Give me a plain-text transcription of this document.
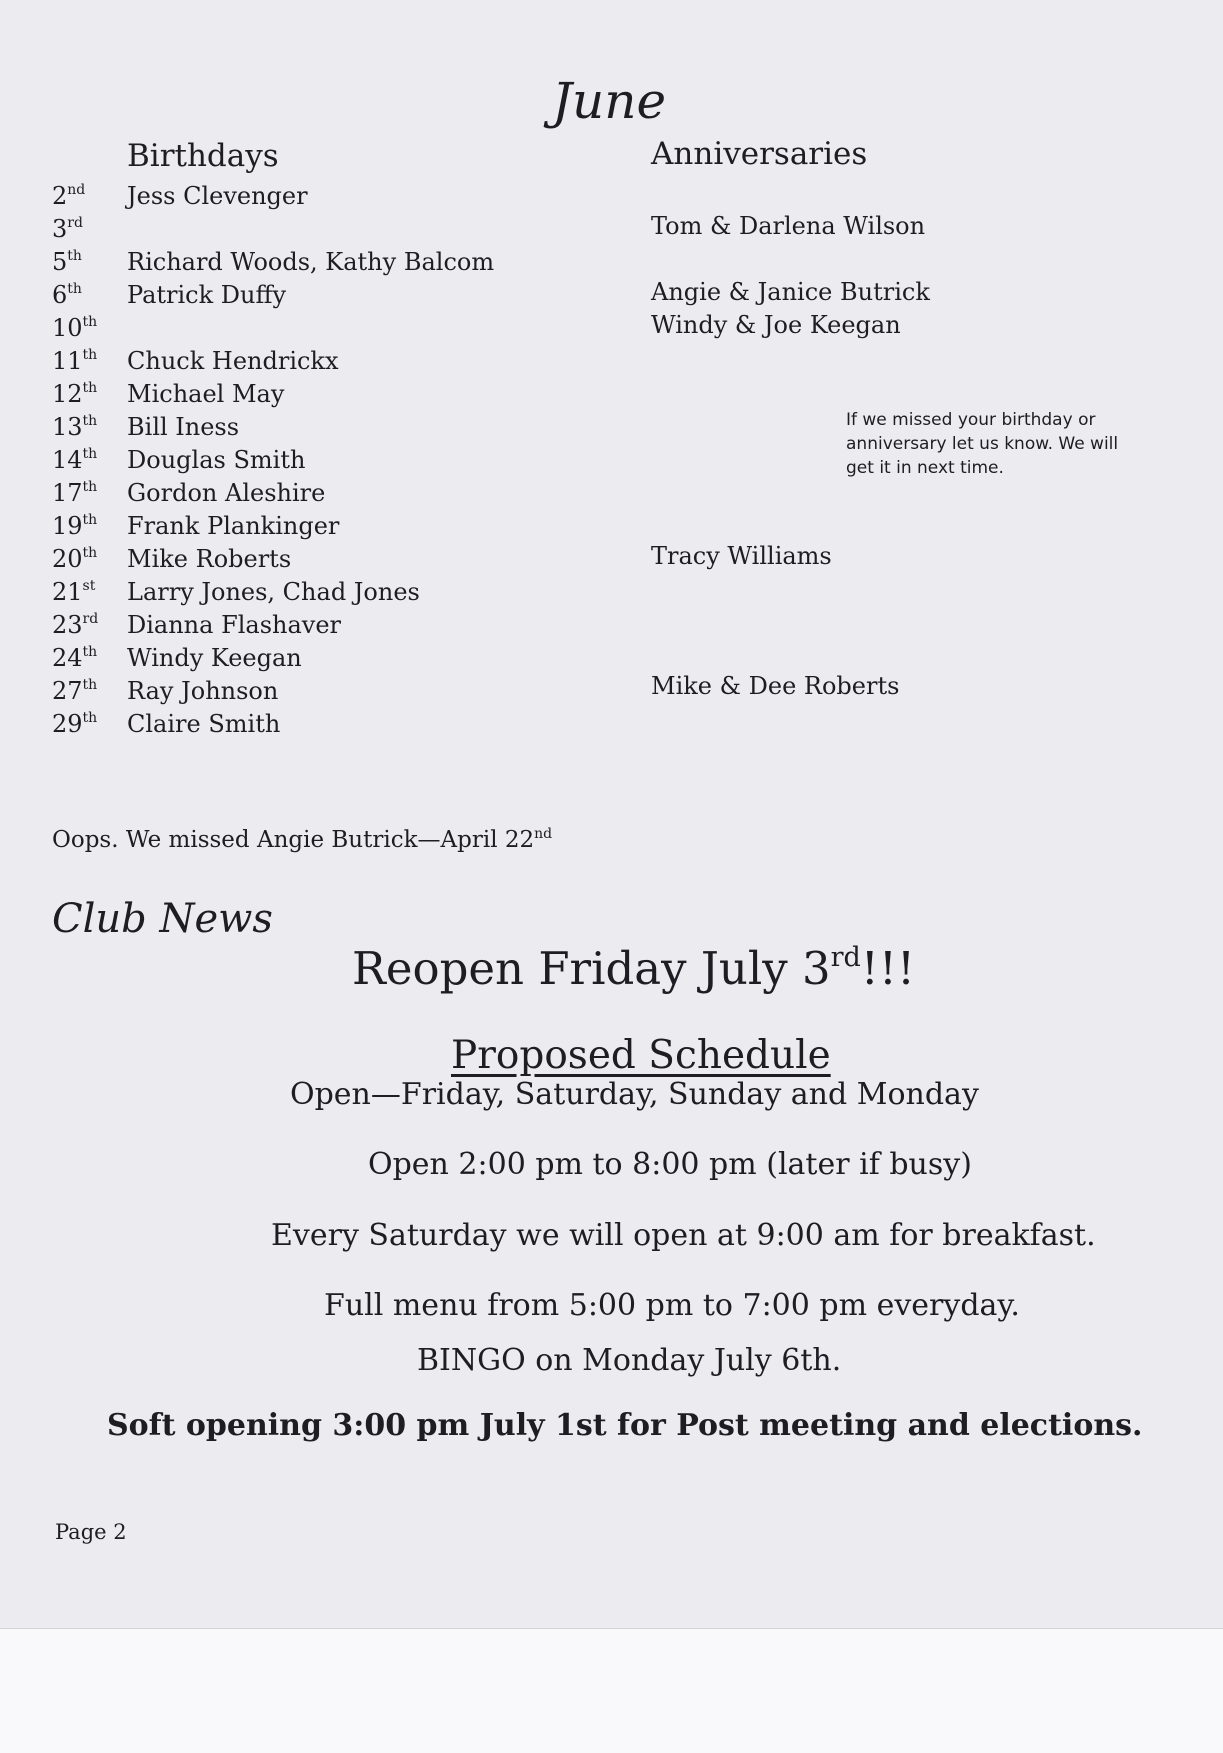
June
Birthdays	Anniversaries
2nd	Jess Clevenger
3rd
5th	Richard Woods, Kathy Balcom
6th	Patrick Duffy
10th
11th	Chuck Hendrickx
12th	Michael May
13th	Bill Iness
14th	Douglas Smith
17th	Gordon Aleshire
19th	Frank Plankinger
20th	Mike Roberts
21st	Larry Jones, Chad Jones
23rd	Dianna Flashaver
24th	Windy Keegan
27th	Ray Johnson
29th	Claire Smith
Tom & Darlena Wilson
Angie & Janice Butrick
Windy & Joe Keegan
Tracy Williams
Mike & Dee Roberts
If we missed your birthday or anniversary let us know. We will get it in next time.
Oops. We missed Angie Butrick—April 22nd
Club News
Reopen Friday July 3rd!!!
Proposed Schedule
Open—Friday, Saturday, Sunday and Monday
Open 2:00 pm to 8:00 pm (later if busy)
Every Saturday we will open at 9:00 am for breakfast.
Full menu from 5:00 pm to 7:00 pm everyday.
BINGO on Monday July 6th.
Soft opening 3:00 pm July 1st for Post meeting and elections.
Page 2
